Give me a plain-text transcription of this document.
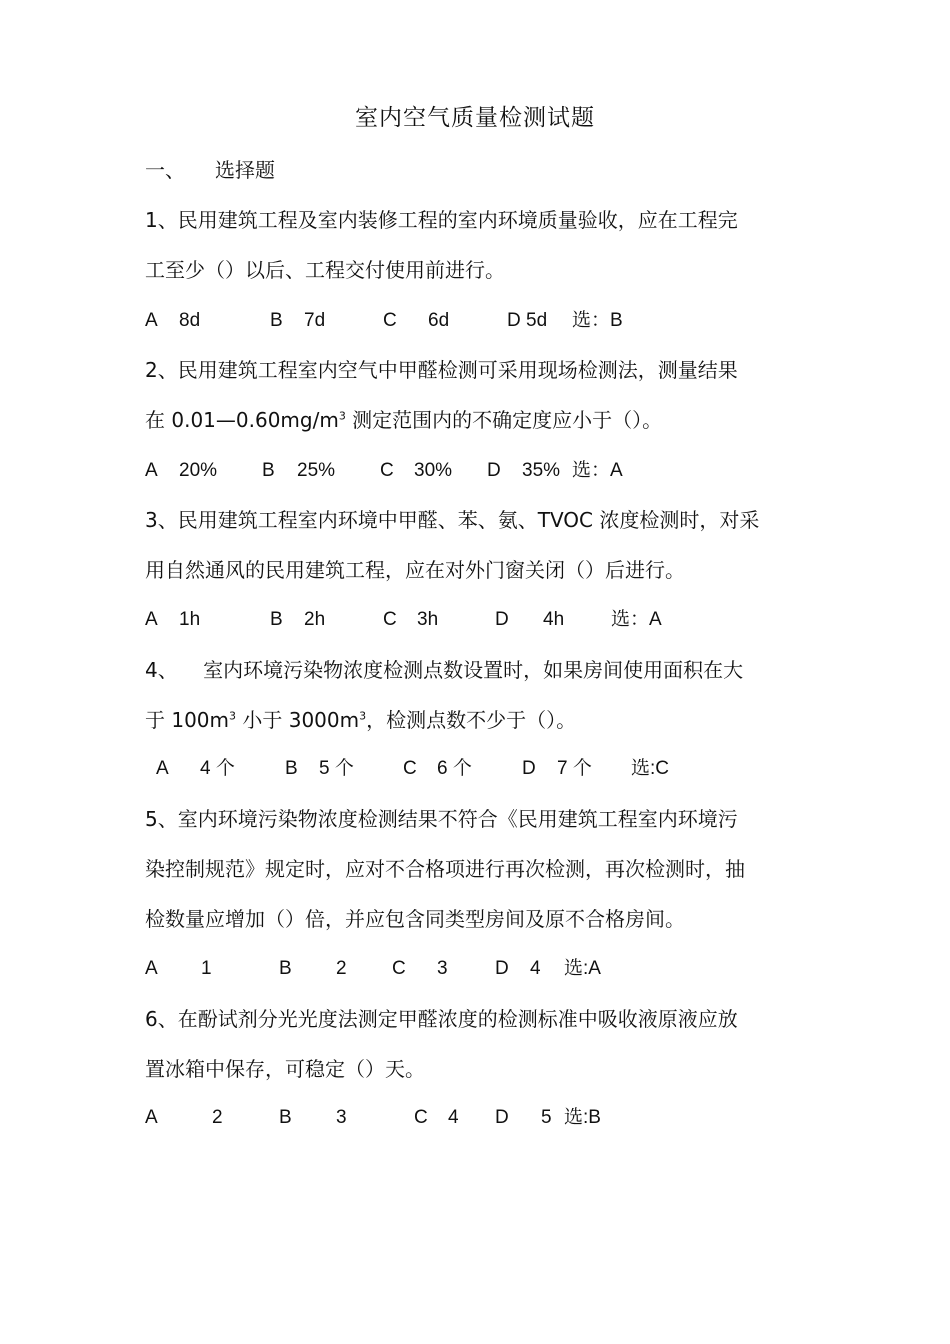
室内空气质量检测试题
一、 选择题
1、民用建筑工程及室内装修工程的室内环境质量验收，应在工程完
工至少（）以后、工程交付使用前进行。
A 8d	B 7d	C 6d	D 5d 选：B
2、民用建筑工程室内空气中甲醛检测可采用现场检测法，测量结果
在 $0.01—0.60mg/m^3$ 测定范围内的不确定度应小于（）。
A 20% B 25% C 30% D 35% 选：A
3、民用建筑工程室内环境中甲醛、苯、氨、TVOC 浓度检测时，对采
用自然通风的民用建筑工程，应在对外门窗关闭（）后进行。
A 1h	B 2h	C 3h	D 4h 选：A
4、    室内环境污染物浓度检测点数设置时，如果房间使用面积在大
于 $100m^3$ 小于 $3000m^3$，检测点数不少于（）。
A 4 个	B 5 个	C 6 个	D 7 个 选:C
5、室内环境污染物浓度检测结果不符合《民用建筑工程室内环境污
染控制规范》规定时，应对不合格项进行再次检测，再次检测时，抽
检数量应增加（）倍，并应包含同类型房间及原不合格房间。
A 1	B 2 C 3 D 4 选:A
6、在酚试剂分光光度法测定甲醛浓度的检测标准中吸收液原液应放
置冰箱中保存，可稳定（）天。
A	2	B 3	C 4 D 5 选:B
